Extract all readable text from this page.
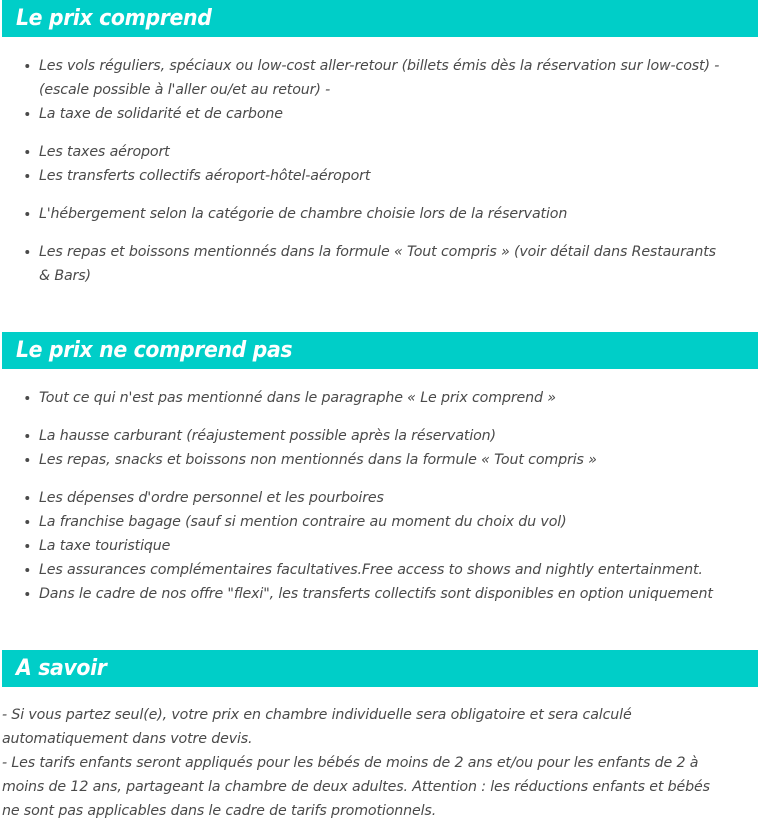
Le prix comprend
Les vols réguliers, spéciaux ou low-cost aller-retour (billets émis dès la réservation sur low-cost) - (escale possible à l'aller ou/et au retour) -
La taxe de solidarité et de carbone
Les taxes aéroport
Les transferts collectifs aéroport-hôtel-aéroport
L'hébergement selon la catégorie de chambre choisie lors de la réservation
Les repas et boissons mentionnés dans la formule « Tout compris » (voir détail dans Restaurants & Bars)
Le prix ne comprend pas
Tout ce qui n'est pas mentionné dans le paragraphe « Le prix comprend »
La hausse carburant (réajustement possible après la réservation)
Les repas, snacks et boissons non mentionnés dans la formule « Tout compris »
Les dépenses d'ordre personnel et les pourboires
La franchise bagage (sauf si mention contraire au moment du choix du vol)
La taxe touristique
Les assurances complémentaires facultatives.Free access to shows and nightly entertainment.
Dans le cadre de nos offre "flexi", les transferts collectifs sont disponibles en option uniquement
A savoir

- Si vous partez seul(e), votre prix en chambre individuelle sera obligatoire et sera calculé automatiquement dans votre devis.

- Les tarifs enfants seront appliqués pour les bébés de moins de 2 ans et/ou pour les enfants de 2 à moins de 12 ans, partageant la chambre de deux adultes. Attention : les réductions enfants et bébés ne sont pas applicables dans le cadre de tarifs promotionnels.
